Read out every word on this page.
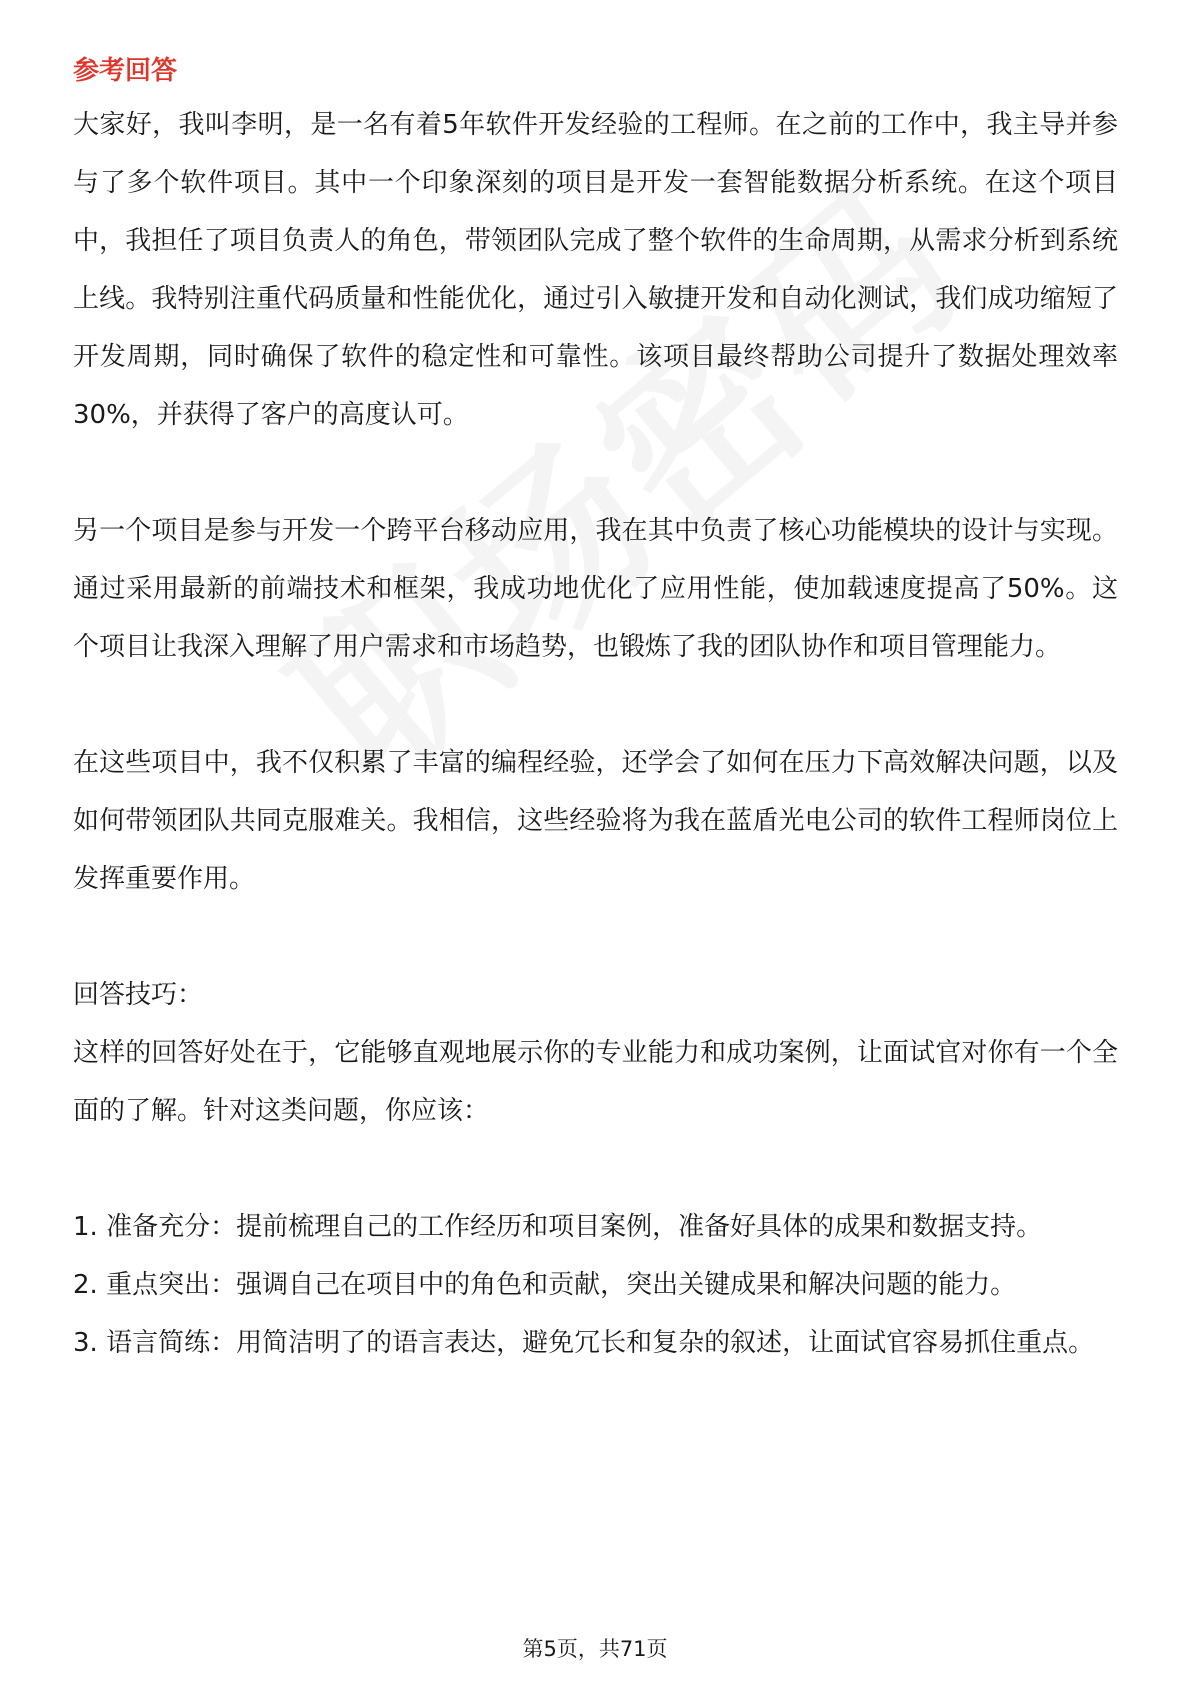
参考回答

大家好，我叫李明，是一名有着5年软件开发经验的工程师。在之前的工作中，我主导并参与了多个软件项目。其中一个印象深刻的项目是开发一套智能数据分析系统。在这个项目中，我担任了项目负责人的角色，带领团队完成了整个软件的生命周期，从需求分析到系统上线。我特别注重代码质量和性能优化，通过引入敏捷开发和自动化测试，我们成功缩短了开发周期，同时确保了软件的稳定性和可靠性。该项目最终帮助公司提升了数据处理效率30%，并获得了客户的高度认可。

另一个项目是参与开发一个跨平台移动应用，我在其中负责了核心功能模块的设计与实现。通过采用最新的前端技术和框架，我成功地优化了应用性能，使加载速度提高了50%。这个项目让我深入理解了用户需求和市场趋势，也锻炼了我的团队协作和项目管理能力。

在这些项目中，我不仅积累了丰富的编程经验，还学会了如何在压力下高效解决问题，以及如何带领团队共同克服难关。我相信，这些经验将为我在蓝盾光电公司的软件工程师岗位上发挥重要作用。

回答技巧：

这样的回答好处在于，它能够直观地展示你的专业能力和成功案例，让面试官对你有一个全面的了解。针对这类问题，你应该：

1. 准备充分：提前梳理自己的工作经历和项目案例，准备好具体的成果和数据支持。

2. 重点突出：强调自己在项目中的角色和贡献，突出关键成果和解决问题的能力。

3. 语言简练：用简洁明了的语言表达，避免冗长和复杂的叙述，让面试官容易抓住重点。

第5页，共71页
